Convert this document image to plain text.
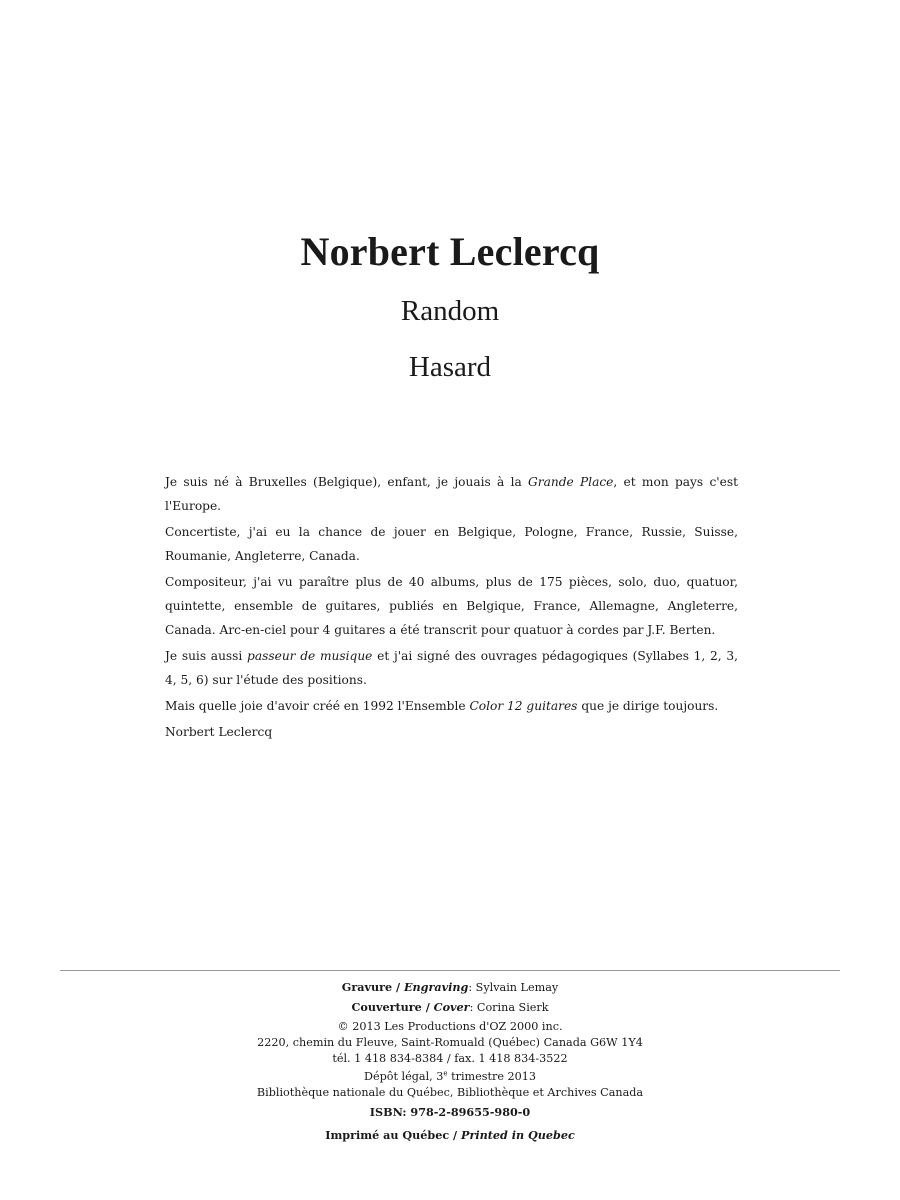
Norbert Leclercq
Random
Hasard

Je suis né à Bruxelles (Belgique), enfant, je jouais à la Grande Place, et mon pays c'est l'Europe.

Concertiste, j'ai eu la chance de jouer en Belgique, Pologne, France, Russie, Suisse, Roumanie, Angleterre, Canada.

Compositeur, j'ai vu paraître plus de 40 albums, plus de 175 pièces, solo, duo, quatuor, quintette, ensemble de guitares, publiés en Belgique, France, Allemagne, Angleterre, Canada. Arc-en-ciel pour 4 guitares a été transcrit pour quatuor à cordes par J.F. Berten.

Je suis aussi passeur de musique et j'ai signé des ouvrages pédagogiques (Syllabes 1, 2, 3, 4, 5, 6) sur l'étude des positions.

Mais quelle joie d'avoir créé en 1992 l'Ensemble Color 12 guitares que je dirige toujours.

Norbert Leclercq

Gravure / Engraving: Sylvain Lemay
Couverture / Cover: Corina Sierk
© 2013 Les Productions d'OZ 2000 inc.
2220, chemin du Fleuve, Saint-Romuald (Québec) Canada G6W 1Y4
tél. 1 418 834-8384 / fax. 1 418 834-3522
Dépôt légal, 3e trimestre 2013
Bibliothèque nationale du Québec, Bibliothèque et Archives Canada
ISBN: 978-2-89655-980-0
Imprimé au Québec / Printed in Quebec
